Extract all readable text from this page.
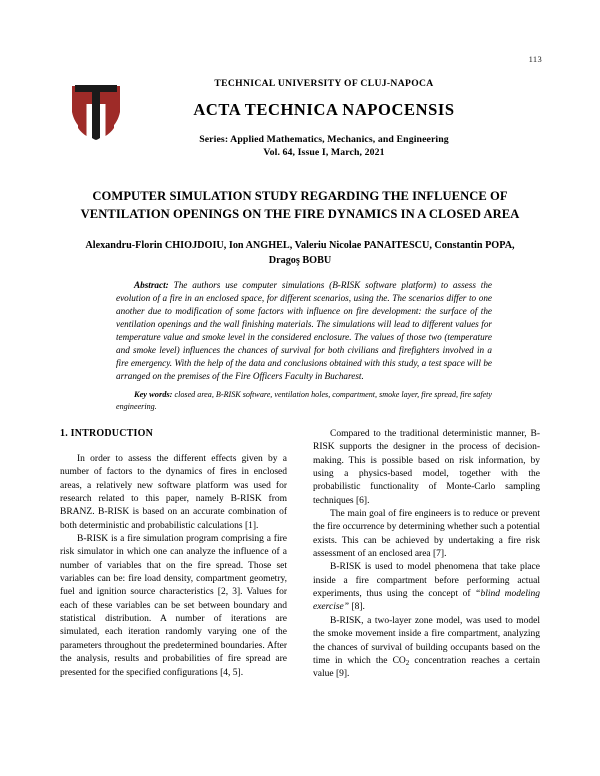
113

TECHNICAL UNIVERSITY OF CLUJ-NAPOCA

ACTA TECHNICA NAPOCENSIS

Series: Applied Mathematics, Mechanics, and Engineering

Vol. 64, Issue I, March, 2021

COMPUTER SIMULATION STUDY REGARDING THE INFLUENCE OF VENTILATION OPENINGS ON THE FIRE DYNAMICS IN A CLOSED AREA
Alexandru-Florin CHIOJDOIU, Ion ANGHEL, Valeriu Nicolae PANAITESCU, Constantin POPA, Dragoş BOBU

Abstract: The authors use computer simulations (B-RISK software platform) to assess the evolution of a fire in an enclosed space, for different scenarios, using the. The scenarios differ to one another due to modification of some factors with influence on fire development: the surface of the ventilation openings and the wall finishing materials. The simulations will lead to different values for temperature value and smoke level in the considered enclosure. The values of those two (temperature and smoke level) influences the chances of survival for both civilians and firefighters involved in a fire emergency. With the help of the data and conclusions obtained with this study, a test space will be arranged on the premises of the Fire Officers Faculty in Bucharest.

Key words: closed area, B-RISK software, ventilation holes, compartment, smoke layer, fire spread, fire safety engineering.

1. INTRODUCTION

In order to assess the different effects given by a number of factors to the dynamics of fires in enclosed areas, a relatively new software platform was used for research related to this paper, namely B-RISK from BRANZ. B-RISK is based on an accurate combination of both deterministic and probabilistic calculations [1].

B-RISK is a fire simulation program comprising a fire risk simulator in which one can analyze the influence of a number of variables that on the fire spread. Those set variables can be: fire load density, compartment geometry, fuel and ignition source characteristics [2, 3]. Values for each of these variables can be set between boundary and statistical distribution. A number of iterations are simulated, each iteration randomly varying one of the parameters throughout the predetermined boundaries. After the analysis, results and probabilities of fire spread are presented for the specified configurations [4, 5].

Compared to the traditional deterministic manner, B-RISK supports the designer in the process of decision-making. This is possible based on risk information, by using a physics-based model, together with the probabilistic functionality of Monte-Carlo sampling techniques [6].

The main goal of fire engineers is to reduce or prevent the fire occurrence by determining whether such a potential exists. This can be achieved by undertaking a fire risk assessment of an enclosed area [7].

B-RISK is used to model phenomena that take place inside a fire compartment before performing actual experiments, thus using the concept of “blind modeling exercise” [8].

B-RISK, a two-layer zone model, was used to model the smoke movement inside a fire compartment, analyzing the chances of survival of building occupants based on the time in which the $CO_2$ concentration reaches a certain value [9].
